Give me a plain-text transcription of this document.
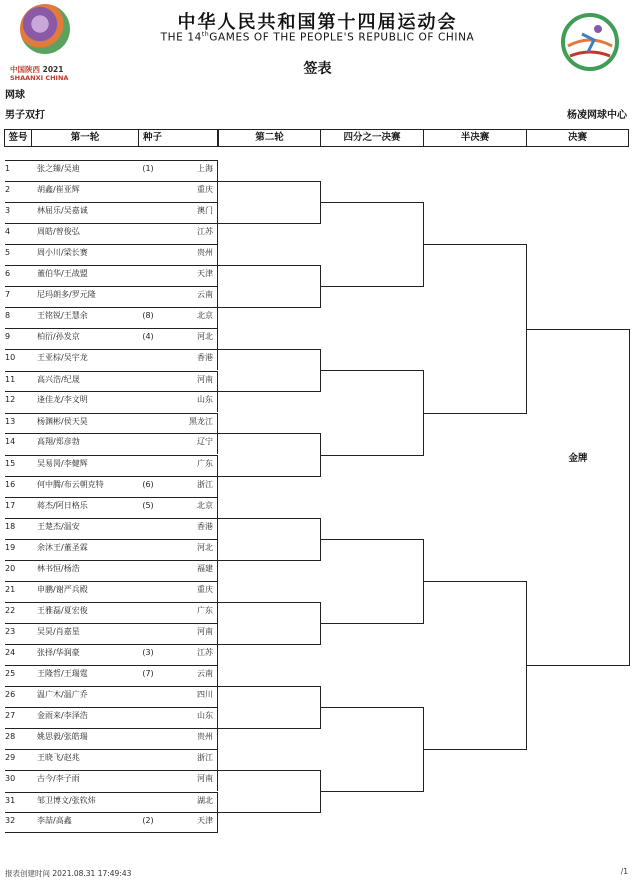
中国陕西 2021
SHAANXI CHINA
中华人民共和国第十四届运动会
THE 14thGAMES OF THE PEOPLE'S REPUBLIC OF CHINA
签表
网球
男子双打	杨凌网球中心
签号	第一轮	种子	第二轮	四分之一决赛	半决赛	决赛
1	张之臻/吴迪	(1)	上海
2	胡鑫/崔亚辉	重庆
3	林屈乐/吴嘉诚	澳门
4	周皓/曾俊弘	江苏
5	周小川/梁长赛	贵州
6	董伯华/王战盟	天津
7	尼玛朗多/罗元隆	云南
8	王铭锐/王慧余	(8)	北京
9	柏衍/孙发京	(4)	河北
10	王亚棕/吴宇龙	香港
11	高兴浩/纪晟	河南
12	逢佳龙/李文明	山东
13	杨渊彬/侯天昊	黑龙江
14	高翔/郑彦勃	辽宁
15	吴易昺/李健辉	广东
16	何中腾/布云朝克特	(6)	浙江
17	蒋杰/阿日格乐	(5)	北京
18	王楚杰/温安	香港
19	余沐王/董圣霖	河北
20	林书恒/杨浩	福建
21	申鹏/谢严兵殿	重庆
22	王雅磊/夏宏俊	广东
23	吴昊/肖嘉星	河南
24	张择/华润豪	(3)	江苏
25	王隆哲/王瑞霆	(7)	云南
26	温广木/温广乔	四川
27	金雨来/李泽浩	山东
28	姚思毅/张皓瑞	贵州
29	王晓飞/赵兆	浙江
30	古今/李子雨	河南
31	邹卫博文/张钦炜	湖北
32	李喆/高鑫	(2)	天津
金牌
报表创建时间 2021.08.31 17:49:43	/1
